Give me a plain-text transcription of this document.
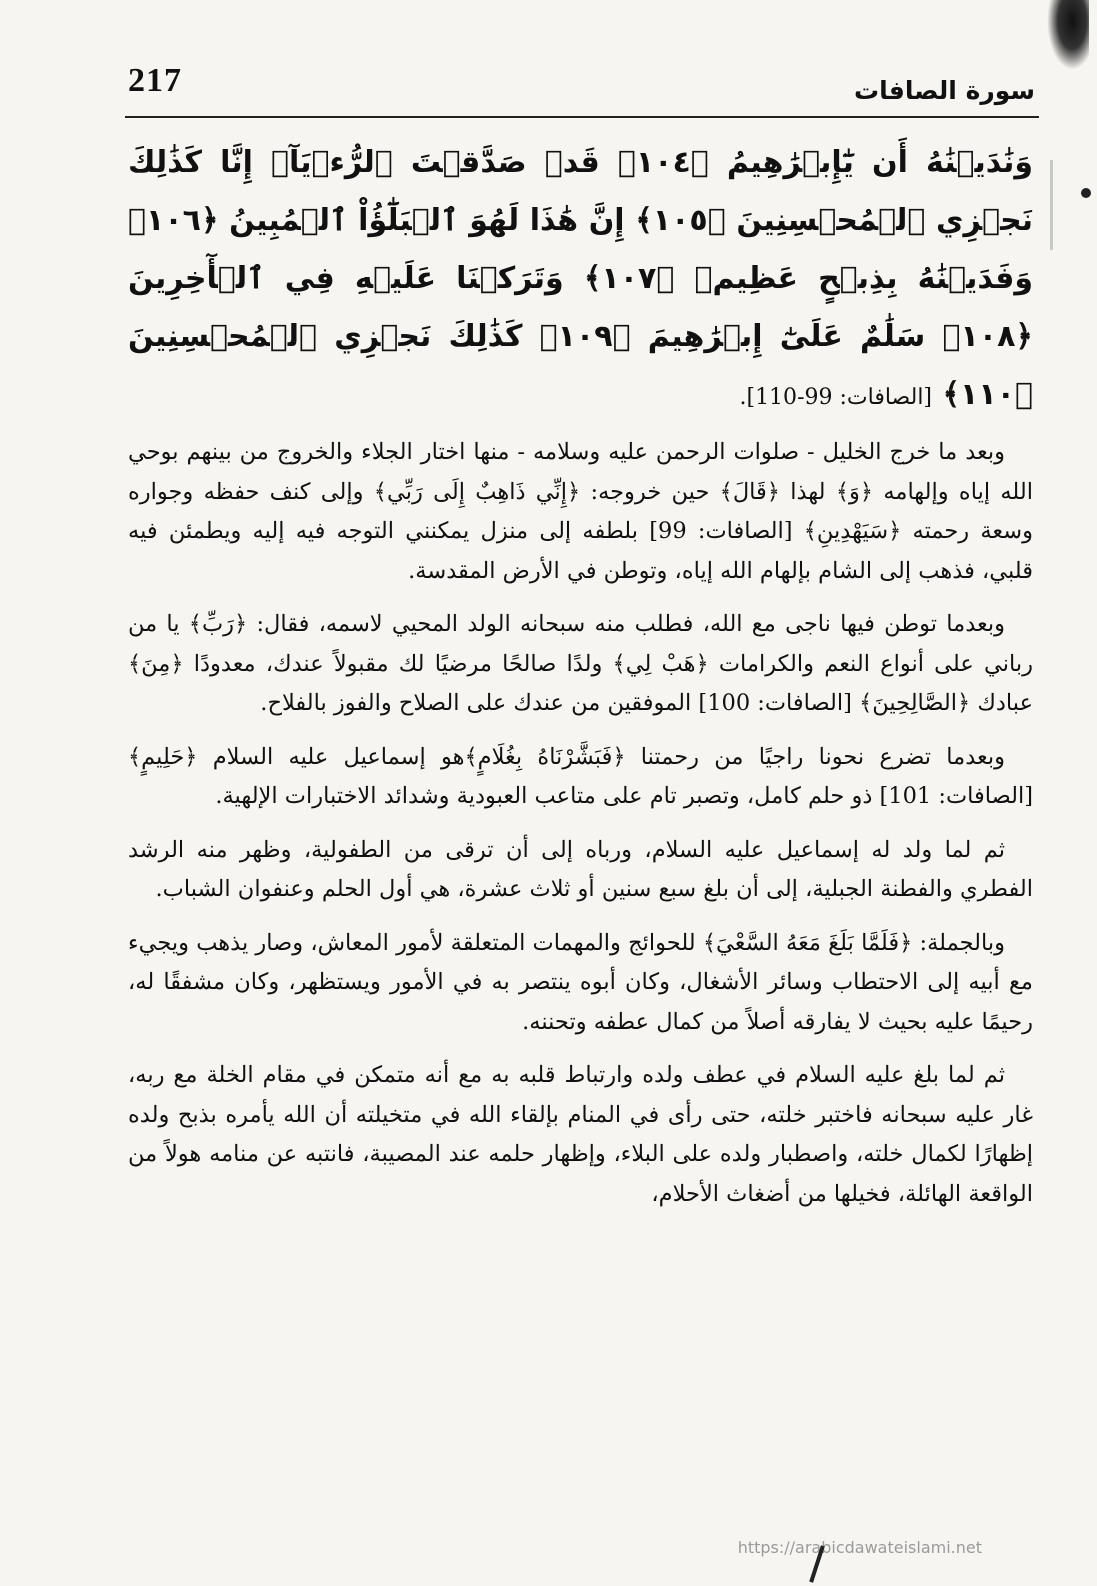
217	سورة الصافات
وَنَٰدَيۡنَٰهُ أَن يَٰٓإِبۡرَٰهِيمُ ﴿١٠٤﴾ قَدۡ صَدَّقۡتَ ٱلرُّءۡيَآۚ إِنَّا كَذَٰلِكَ نَجۡزِي ٱلۡمُحۡسِنِينَ ﴿١٠٥﴾ إِنَّ هَٰذَا لَهُوَ ٱلۡبَلَٰٓؤُاْ ٱلۡمُبِينُ ﴿١٠٦﴾ وَفَدَيۡنَٰهُ بِذِبۡحٍ عَظِيمٖ ﴿١٠٧﴾ وَتَرَكۡنَا عَلَيۡهِ فِي ٱلۡأٓخِرِينَ ﴿١٠٨﴾ سَلَٰمٌ عَلَىٰٓ إِبۡرَٰهِيمَ ﴿١٠٩﴾ كَذَٰلِكَ نَجۡزِي ٱلۡمُحۡسِنِينَ ﴿١١٠﴾ [الصافات: 99-110].

وبعد ما خرج الخليل - صلوات الرحمن عليه وسلامه - منها اختار الجلاء والخروج من بينهم بوحي الله إياه وإلهامه ﴿وَ﴾ لهذا ﴿قَالَ﴾ حين خروجه: ﴿إِنِّي ذَاهِبٌ إِلَى رَبِّي﴾ وإلى كنف حفظه وجواره وسعة رحمته ﴿سَيَهْدِينِ﴾ [الصافات: 99] بلطفه إلى منزل يمكنني التوجه فيه إليه ويطمئن فيه قلبي، فذهب إلى الشام بإلهام الله إياه، وتوطن في الأرض المقدسة.

وبعدما توطن فيها ناجى مع الله، فطلب منه سبحانه الولد المحيي لاسمه، فقال: ﴿رَبِّ﴾ يا من رباني على أنواع النعم والكرامات ﴿هَبْ لِي﴾ ولدًا صالحًا مرضيًا لك مقبولاً عندك، معدودًا ﴿مِنَ﴾ عبادك ﴿الصَّالِحِينَ﴾ [الصافات: 100] الموفقين من عندك على الصلاح والفوز بالفلاح.

وبعدما تضرع نحونا راجيًا من رحمتنا ﴿فَبَشَّرْنَاهُ بِغُلَامٍ﴾هو إسماعيل عليه السلام ﴿حَلِيمٍ﴾ [الصافات: 101] ذو حلم كامل، وتصبر تام على متاعب العبودية وشدائد الاختبارات الإلهية.

ثم لما ولد له إسماعيل عليه السلام، ورباه إلى أن ترقى من الطفولية، وظهر منه الرشد الفطري والفطنة الجبلية، إلى أن بلغ سبع سنين أو ثلاث عشرة، هي أول الحلم وعنفوان الشباب.

وبالجملة: ﴿فَلَمَّا بَلَغَ مَعَهُ السَّعْيَ﴾ للحوائج والمهمات المتعلقة لأمور المعاش، وصار يذهب ويجيء مع أبيه إلى الاحتطاب وسائر الأشغال، وكان أبوه ينتصر به في الأمور ويستظهر، وكان مشفقًا له، رحيمًا عليه بحيث لا يفارقه أصلاً من كمال عطفه وتحننه.

ثم لما بلغ عليه السلام في عطف ولده وارتباط قلبه به مع أنه متمكن في مقام الخلة مع ربه، غار عليه سبحانه فاختبر خلته، حتى رأى في المنام بإلقاء الله في متخيلته أن الله يأمره بذبح ولده إظهارًا لكمال خلته، واصطبار ولده على البلاء، وإظهار حلمه عند المصيبة، فانتبه عن منامه هولاً من الواقعة الهائلة، فخيلها من أضغاث الأحلام،

https://arabicdawateislami.net
